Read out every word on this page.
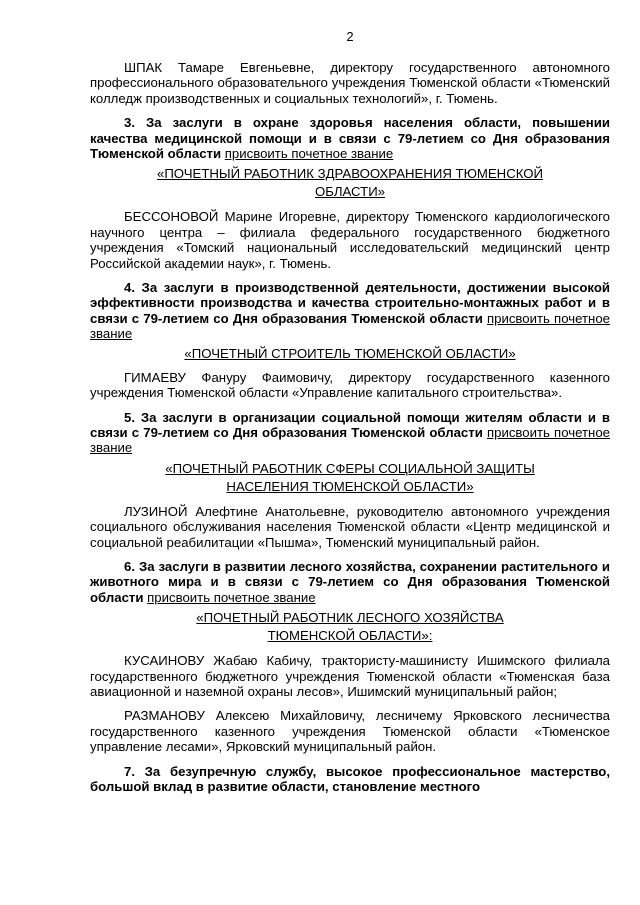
2

ШПАК Тамаре Евгеньевне, директору государственного автономного профессионального образовательного учреждения Тюменской области «Тюменский колледж производственных и социальных технологий», г. Тюмень.

3. За заслуги в охране здоровья населения области, повышении качества медицинской помощи и в связи с 79-летием со Дня образования Тюменской области присвоить почетное звание

«ПОЧЕТНЫЙ РАБОТНИК ЗДРАВООХРАНЕНИЯ ТЮМЕНСКОЙ
ОБЛАСТИ»

БЕССОНОВОЙ Марине Игоревне, директору Тюменского кардиологического научного центра – филиала федерального государственного бюджетного учреждения «Томский национальный исследовательский медицинский центр Российской академии наук», г. Тюмень.

4. За заслуги в производственной деятельности, достижении высокой эффективности производства и качества строительно-монтажных работ и в связи с 79-летием со Дня образования Тюменской области присвоить почетное звание

«ПОЧЕТНЫЙ СТРОИТЕЛЬ ТЮМЕНСКОЙ ОБЛАСТИ»

ГИМАЕВУ Фануру Фаимовичу, директору государственного казенного учреждения Тюменской области «Управление капитального строительства».

5. За заслуги в организации социальной помощи жителям области и в связи с 79-летием со Дня образования Тюменской области присвоить почетное звание

«ПОЧЕТНЫЙ РАБОТНИК СФЕРЫ СОЦИАЛЬНОЙ ЗАЩИТЫ
НАСЕЛЕНИЯ ТЮМЕНСКОЙ ОБЛАСТИ»

ЛУЗИНОЙ Алефтине Анатольевне, руководителю автономного учреждения социального обслуживания населения Тюменской области «Центр медицинской и социальной реабилитации «Пышма», Тюменский муниципальный район.

6. За заслуги в развитии лесного хозяйства, сохранении растительного и животного мира и в связи с 79-летием со Дня образования Тюменской области присвоить почетное звание

«ПОЧЕТНЫЙ РАБОТНИК ЛЕСНОГО ХОЗЯЙСТВА
ТЮМЕНСКОЙ ОБЛАСТИ»:

КУСАИНОВУ Жабаю Кабичу, трактористу-машинисту Ишимского филиала государственного бюджетного учреждения Тюменской области «Тюменская база авиационной и наземной охраны лесов», Ишимский муниципальный район;

РАЗМАНОВУ Алексею Михайловичу, лесничему Ярковского лесничества государственного казенного учреждения Тюменской области «Тюменское управление лесами», Ярковский муниципальный район.

7. За безупречную службу, высокое профессиональное мастерство, большой вклад в развитие области, становление местного
